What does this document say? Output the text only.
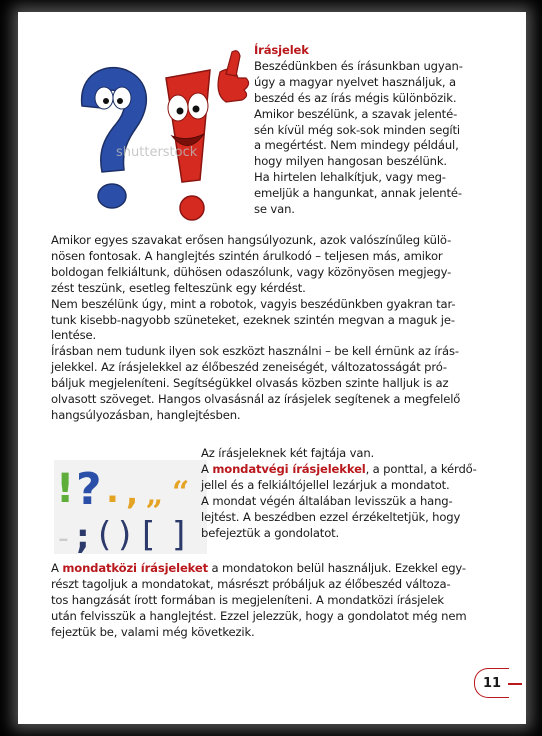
shutterstock
Írásjelek
Beszédünkben és írásunkban ugyan-
úgy a magyar nyelvet használjuk, a
beszéd és az írás mégis különbözik.
Amikor beszélünk, a szavak jelenté-
sén kívül még sok-sok minden segíti
a megértést. Nem mindegy például,
hogy milyen hangosan beszélünk.
Ha hirtelen lehalkítjuk, vagy meg-
emeljük a hangunkat, annak jelenté-
se van.
Amikor egyes szavakat erősen hangsúlyozunk, azok valószínűleg külö-
nösen fontosak. A hanglejtés szintén árulkodó – teljesen más, amikor
boldogan felkiáltunk, dühösen odaszólunk, vagy közönyösen megjegy-
zést teszünk, esetleg felteszünk egy kérdést.
Nem beszélünk úgy, mint a robotok, vagyis beszédünkben gyakran tar-
tunk kisebb-nagyobb szüneteket, ezeknek szintén megvan a maguk je-
lentése.
Írásban nem tudunk ilyen sok eszközt használni – be kell érnünk az írás-
jelekkel. Az írásjelekkel az élőbeszéd zeneiségét, változatosságát pró-
báljuk megjeleníteni. Segítségükkel olvasás közben szinte halljuk is az
olvasott szöveget. Hangos olvasásnál az írásjelek segítenek a megfelelő
hangsúlyozásban, hanglejtésben.
! ? . , „ “
- ; ( ) [ ]
Az írásjeleknek két fajtája van.
A mondatvégi írásjelekkel, a ponttal, a kérdő-
jellel és a felkiáltójellel lezárjuk a mondatot.
A mondat végén általában levisszük a hang-
lejtést. A beszédben ezzel érzékeltetjük, hogy
befejeztük a gondolatot.
A mondatközi írásjeleket a mondatokon belül használjuk. Ezekkel egy-
részt tagoljuk a mondatokat, másrészt próbáljuk az élőbeszéd változa-
tos hangzását írott formában is megjeleníteni. A mondatközi írásjelek
után felvisszük a hanglejtést. Ezzel jelezzük, hogy a gondolatot még nem
fejeztük be, valami még következik.
11
